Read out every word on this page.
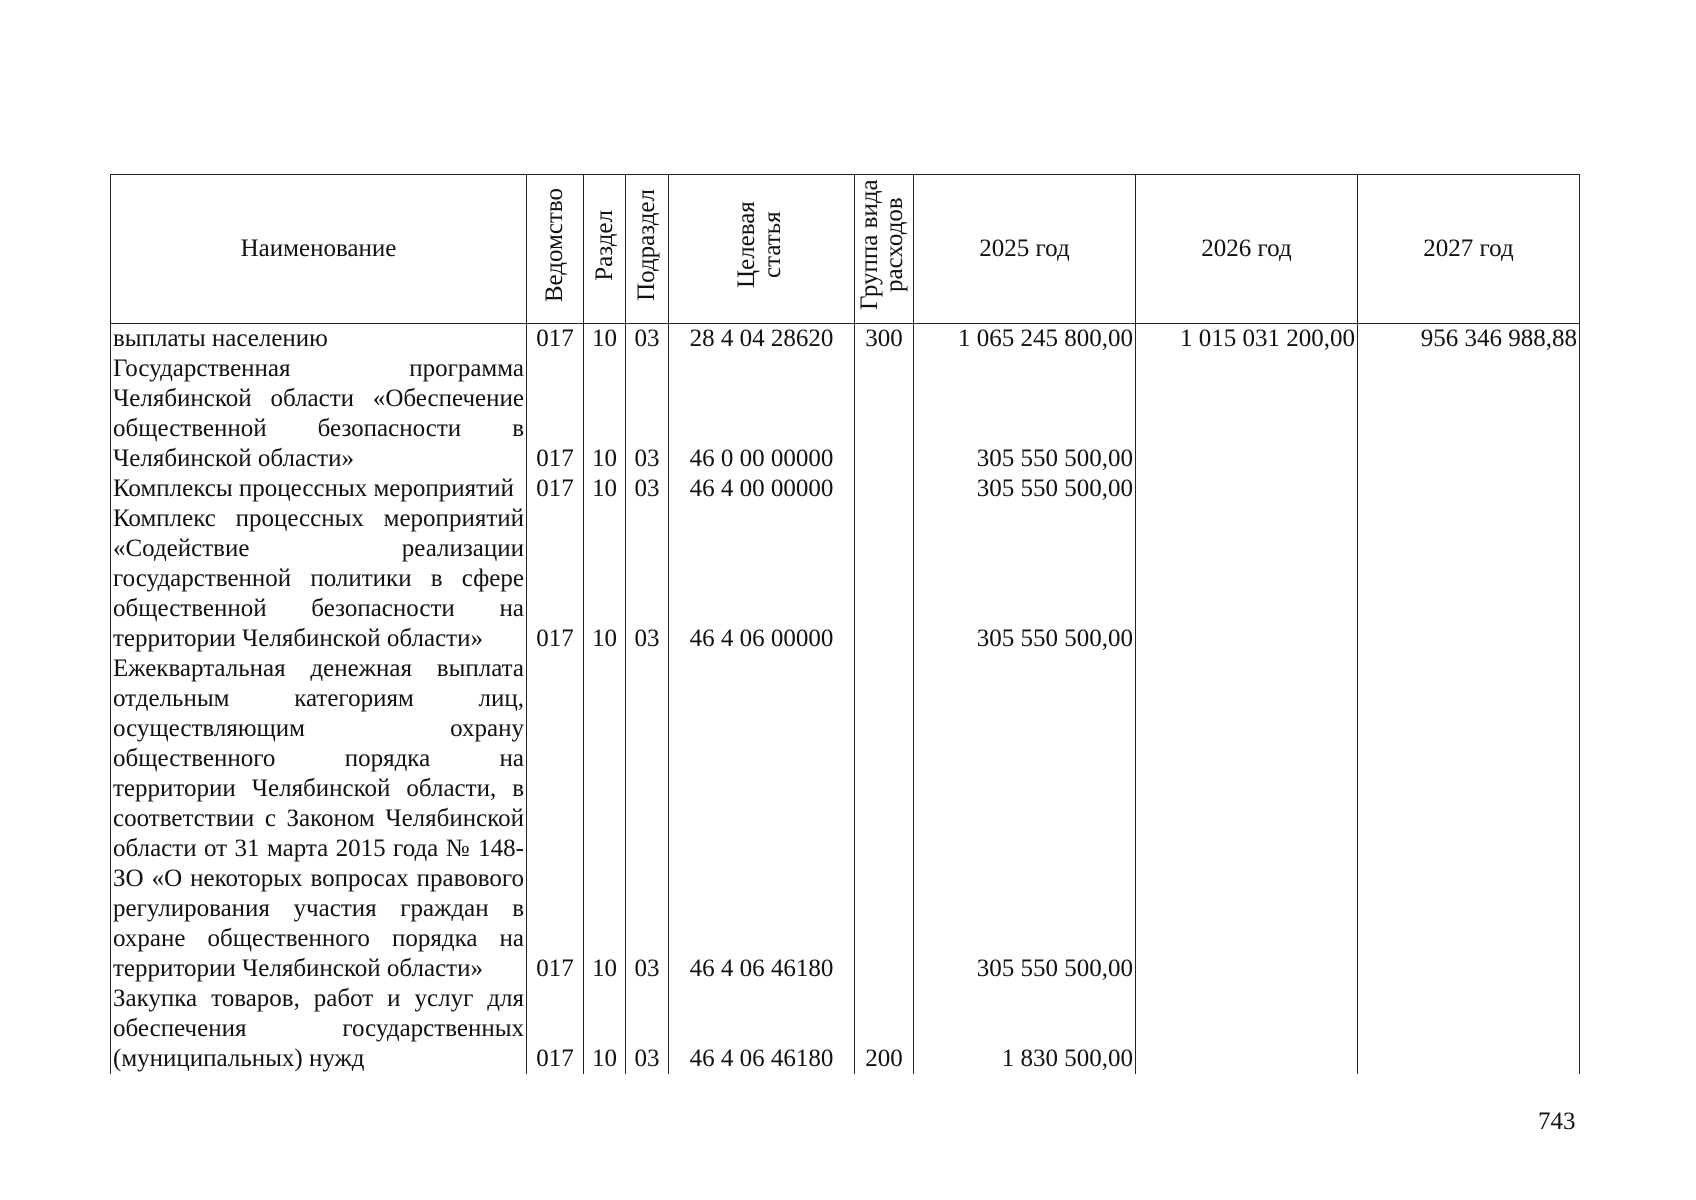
Наименование	Ведомство	Раздел	Подраздел	Целевая статья	Группа вида расходов	2025 год	2026 год	2027 год
выплаты населению	017	10	03	28 4 04 28620	300	1 065 245 800,00	1 015 031 200,00	956 346 988,88
Государственная программа Челябинской области «Обеспечение общественной безопасности в Челябинской области»	017	10	03	46 0 00 00000		305 550 500,00		
Комплексы процессных мероприятий	017	10	03	46 4 00 00000		305 550 500,00		
Комплекс процессных мероприятий «Содействие реализации государственной политики в сфере общественной безопасности на территории Челябинской области»	017	10	03	46 4 06 00000		305 550 500,00		
Ежеквартальная денежная выплата отдельным категориям лиц, осуществляющим охрану общественного порядка на территории Челябинской области, в соответствии с Законом Челябинской области от 31 марта 2015 года № 148-ЗО «О некоторых вопросах правового регулирования участия граждан в охране общественного порядка на территории Челябинской области»	017	10	03	46 4 06 46180		305 550 500,00		
Закупка товаров, работ и услуг для обеспечения государственных (муниципальных) нужд	017	10	03	46 4 06 46180	200	1 830 500,00		
743
